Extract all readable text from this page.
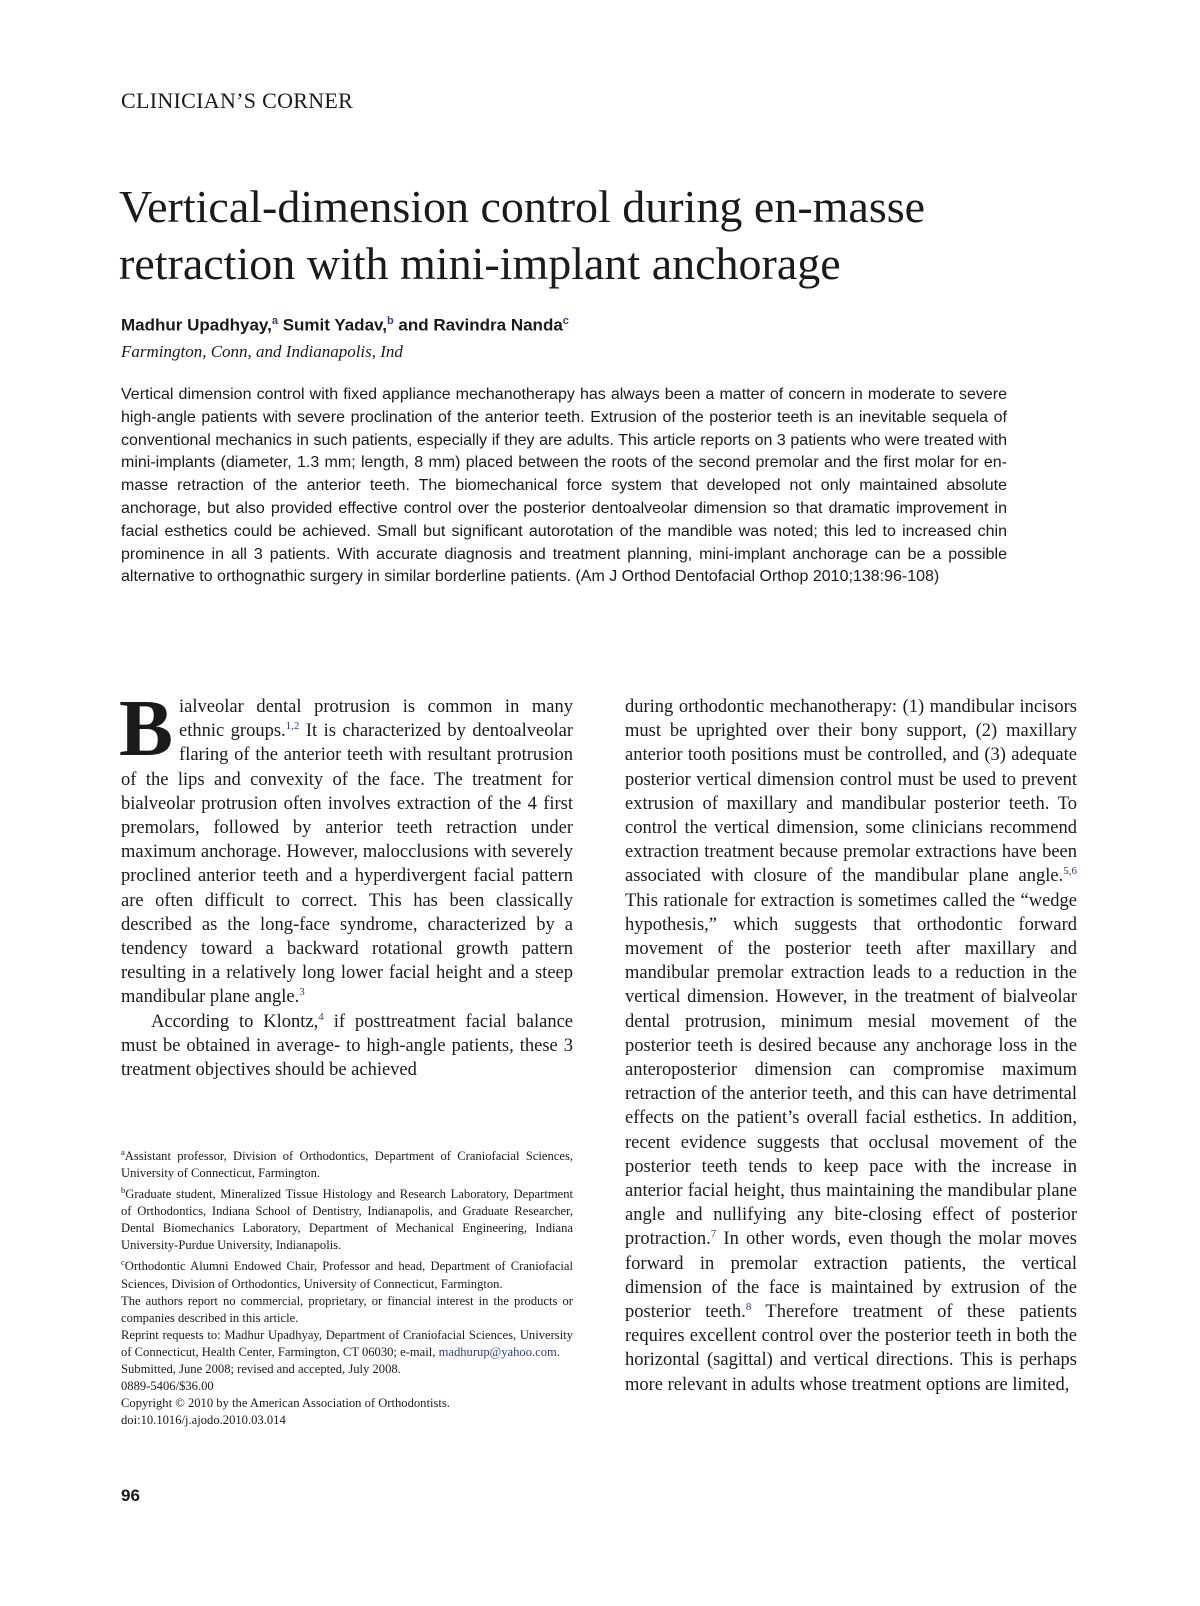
CLINICIAN’S CORNER
Vertical-dimension control during en-masse retraction with mini-implant anchorage
Madhur Upadhyay,$^a$ Sumit Yadav,$^b$ and Ravindra Nanda$^c$
Farmington, Conn, and Indianapolis, Ind

Vertical dimension control with fixed appliance mechanotherapy has always been a matter of concern in moderate to severe high-angle patients with severe proclination of the anterior teeth. Extrusion of the posterior teeth is an inevitable sequela of conventional mechanics in such patients, especially if they are adults. This article reports on 3 patients who were treated with mini-implants (diameter, 1.3 mm; length, 8 mm) placed between the roots of the second premolar and the first molar for en-masse retraction of the anterior teeth. The biomechanical force system that developed not only maintained absolute anchorage, but also provided effective control over the posterior dentoalveolar dimension so that dramatic improvement in facial esthetics could be achieved. Small but significant autorotation of the mandible was noted; this led to increased chin prominence in all 3 patients. With accurate diagnosis and treatment planning, mini-implant anchorage can be a possible alternative to orthognathic surgery in similar borderline patients. (Am J Orthod Dentofacial Orthop 2010;138:96-108)

Bialveolar dental protrusion is common in many ethnic groups.$^{1,2}$ It is characterized by dentoalveolar flaring of the anterior teeth with resultant protrusion of the lips and convexity of the face. The treatment for bialveolar protrusion often involves extraction of the 4 first premolars, followed by anterior teeth retraction under maximum anchorage. However, malocclusions with severely proclined anterior teeth and a hyperdivergent facial pattern are often difficult to correct. This has been classically described as the long-face syndrome, characterized by a tendency toward a backward rotational growth pattern resulting in a relatively long lower facial height and a steep mandibular plane angle.$^3$

According to Klontz,$^4$ if posttreatment facial balance must be obtained in average- to high-angle patients, these 3 treatment objectives should be achieved

$^a$Assistant professor, Division of Orthodontics, Department of Craniofacial Sciences, University of Connecticut, Farmington.

$^b$Graduate student, Mineralized Tissue Histology and Research Laboratory, Department of Orthodontics, Indiana School of Dentistry, Indianapolis, and Graduate Researcher, Dental Biomechanics Laboratory, Department of Mechanical Engineering, Indiana University-Purdue University, Indianapolis.

$^c$Orthodontic Alumni Endowed Chair, Professor and head, Department of Craniofacial Sciences, Division of Orthodontics, University of Connecticut, Farmington.

The authors report no commercial, proprietary, or financial interest in the products or companies described in this article.

Reprint requests to: Madhur Upadhyay, Department of Craniofacial Sciences, University of Connecticut, Health Center, Farmington, CT 06030; e-mail, madhurup@yahoo.com.

Submitted, June 2008; revised and accepted, July 2008.

0889-5406/$36.00

Copyright © 2010 by the American Association of Orthodontists.

doi:10.1016/j.ajodo.2010.03.014

during orthodontic mechanotherapy: (1) mandibular incisors must be uprighted over their bony support, (2) maxillary anterior tooth positions must be controlled, and (3) adequate posterior vertical dimension control must be used to prevent extrusion of maxillary and mandibular posterior teeth. To control the vertical dimension, some clinicians recommend extraction treatment because premolar extractions have been associated with closure of the mandibular plane angle.$^{5,6}$ This rationale for extraction is sometimes called the “wedge hypothesis,” which suggests that orthodontic forward movement of the posterior teeth after maxillary and mandibular premolar extraction leads to a reduction in the vertical dimension. However, in the treatment of bialveolar dental protrusion, minimum mesial movement of the posterior teeth is desired because any anchorage loss in the anteroposterior dimension can compromise maximum retraction of the anterior teeth, and this can have detrimental effects on the patient’s overall facial esthetics. In addition, recent evidence suggests that occlusal movement of the posterior teeth tends to keep pace with the increase in anterior facial height, thus maintaining the mandibular plane angle and nullifying any bite-closing effect of posterior protraction.$^7$ In other words, even though the molar moves forward in premolar extraction patients, the vertical dimension of the face is maintained by extrusion of the posterior teeth.$^8$ Therefore treatment of these patients requires excellent control over the posterior teeth in both the horizontal (sagittal) and vertical directions. This is perhaps more relevant in adults whose treatment options are limited,

96
